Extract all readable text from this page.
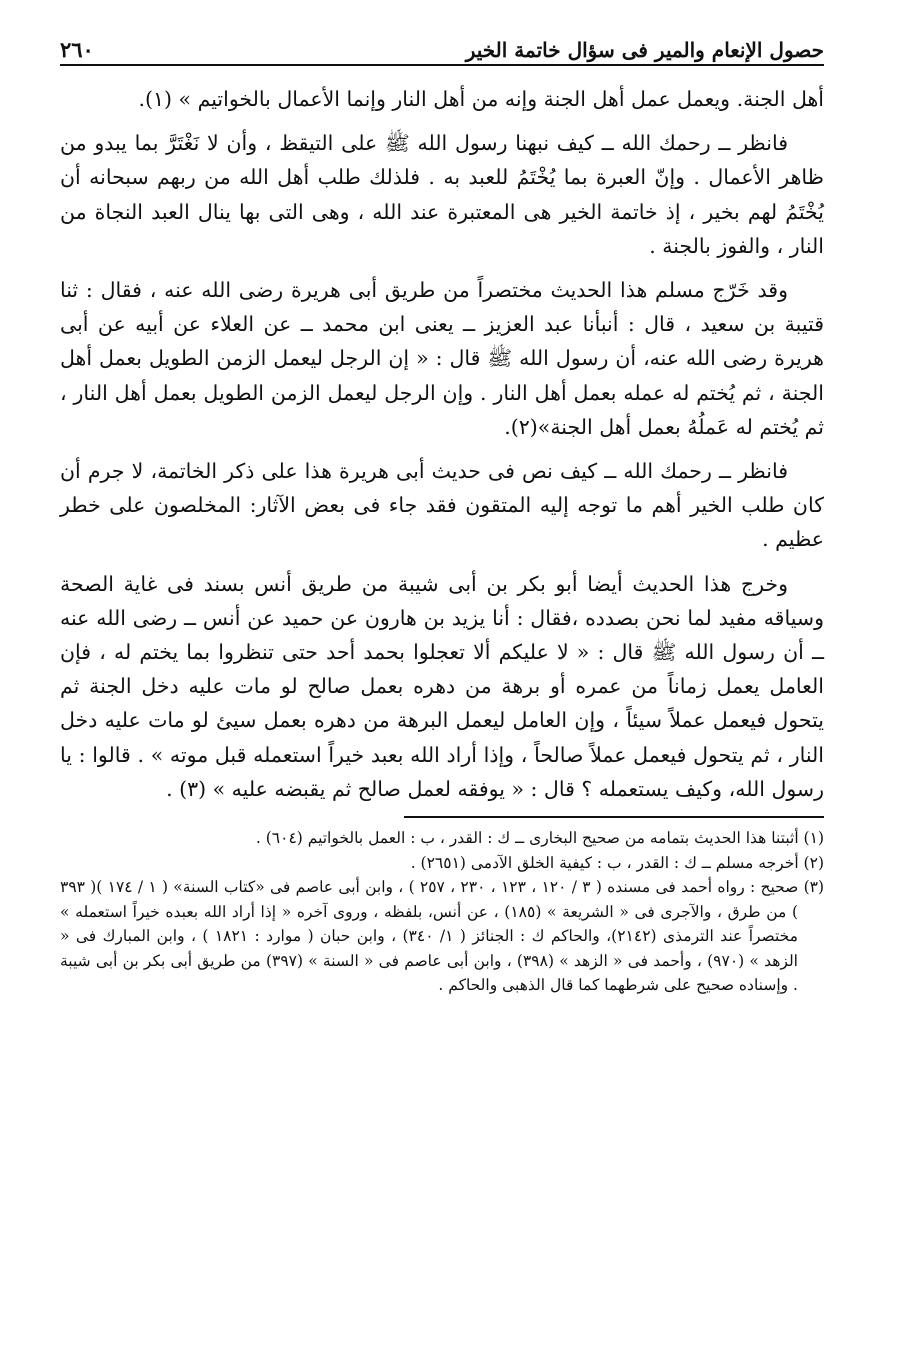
حصول الإنعام والمير فى سؤال خاتمة الخير
٢٦٠

أهل الجنة. ويعمل عمل أهل الجنة وإنه من أهل النار وإنما الأعمال بالخواتيم » (١).

فانظر ــ رحمك الله ــ كيف نبهنا رسول الله ﷺ على التيقظ ، وأن لا نَغْتَرَّ بما يبدو من ظاهر الأعمال . وإنّ العبرة بما يُخْتَمُ للعبد به . فلذلك طلب أهل الله من ربهم سبحانه أن يُخْتَمُ لهم بخير ، إذ خاتمة الخير هى المعتبرة عند الله ، وهى التى بها ينال العبد النجاة من النار ، والفوز بالجنة .

وقد خَرّج مسلم هذا الحديث مختصراً من طريق أبى هريرة رضى الله عنه ، فقال : ثنا قتيبة بن سعيد ، قال : أنبأنا عبد العزيز ــ يعنى ابن محمد ــ عن العلاء عن أبيه عن أبى هريرة رضى الله عنه، أن رسول الله ﷺ قال : « إن الرجل ليعمل الزمن الطويل بعمل أهل الجنة ، ثم يُختم له عمله بعمل أهل النار . وإن الرجل ليعمل الزمن الطويل بعمل أهل النار ، ثم يُختم له عَملُهُ بعمل أهل الجنة»(٢).

فانظر ــ رحمك الله ــ كيف نص فى حديث أبى هريرة هذا على ذكر الخاتمة، لا جرم أن كان طلب الخير أهم ما توجه إليه المتقون فقد جاء فى بعض الآثار: المخلصون على خطر عظيم .

وخرج هذا الحديث أيضا أبو بكر بن أبى شيبة من طريق أنس بسند فى غاية الصحة وسياقه مفيد لما نحن بصدده ،فقال : أنا يزيد بن هارون عن حميد عن أنس ــ رضى الله عنه ــ أن رسول الله ﷺ قال : « لا عليكم ألا تعجلوا بحمد أحد حتى تنظروا بما يختم له ، فإن العامل يعمل زماناً من عمره أو برهة من دهره بعمل صالح لو مات عليه دخل الجنة ثم يتحول فيعمل عملاً سيئاً ، وإن العامل ليعمل البرهة من دهره بعمل سيئ لو مات عليه دخل النار ، ثم يتحول فيعمل عملاً صالحاً ، وإذا أراد الله بعبد خيراً استعمله قبل موته » . قالوا : يا رسول الله، وكيف يستعمله ؟ قال : « يوفقه لعمل صالح ثم يقبضه عليه » (٣) .

(١) أثبتنا هذا الحديث بتمامه من صحيح البخارى ــ ك : القدر ، ب : العمل بالخواتيم (٦٠٤) .

(٢) أخرجه مسلم ــ ك : القدر ، ب : كيفية الخلق الآدمى (٢٦٥١) .

(٣) صحيح : رواه أحمد فى مسنده ( ٣ / ١٢٠ ، ١٢٣ ، ٢٣٠ ، ٢٥٧ ) ، وابن أبى عاصم فى «كتاب السنة» ( ١ / ١٧٤ )( ٣٩٣ ) من طرق ، والآجرى فى « الشريعة » (١٨٥) ، عن أنس، بلفظه ، وروى آخره « إذا أراد الله بعبده خيراً استعمله » مختصراً عند الترمذى (٢١٤٢)، والحاكم ك : الجنائز ( ١/ ٣٤٠) ، وابن حبان ( موارد : ١٨٢١ ) ، وابن المبارك فى « الزهد » (٩٧٠) ، وأحمد فى « الزهد » (٣٩٨) ، وابن أبى عاصم فى « السنة » (٣٩٧) من طريق أبى بكر بن أبى شيبة . وإسناده صحيح على شرطهما كما قال الذهبى والحاكم .
